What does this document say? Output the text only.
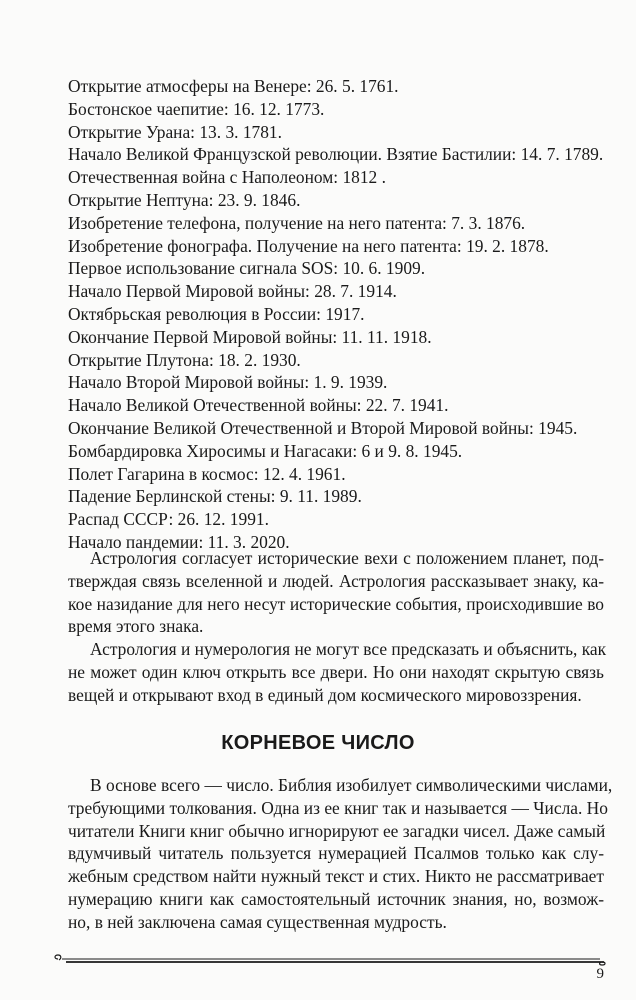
Открытие атмосферы на Венере: 26. 5. 1761.
Бостонское чаепитие: 16. 12. 1773.
Открытие Урана: 13. 3. 1781.
Начало Великой Французской революции. Взятие Бастилии: 14. 7. 1789.
Отечественная война с Наполеоном: 1812 .
Открытие Нептуна: 23. 9. 1846.
Изобретение телефона, получение на него патента: 7. 3. 1876.
Изобретение фонографа. Получение на него патента: 19. 2. 1878.
Первое использование сигнала SOS: 10. 6. 1909.
Начало Первой Мировой войны: 28. 7. 1914.
Октябрьская революция в России: 1917.
Окончание Первой Мировой войны: 11. 11. 1918.
Открытие Плутона: 18. 2. 1930.
Начало Второй Мировой войны: 1. 9. 1939.
Начало Великой Отечественной войны: 22. 7. 1941.
Окончание Великой Отечественной и Второй Мировой войны: 1945.
Бомбардировка Хиросимы и Нагасаки: 6 и 9. 8. 1945.
Полет Гагарина в космос: 12. 4. 1961.
Падение Берлинской стены: 9. 11. 1989.
Распад СССР: 26. 12. 1991.
Начало пандемии: 11. 3. 2020.

Астрология согласует исторические вехи с положением планет, под-
тверждая связь вселенной и людей. Астрология рассказывает знаку, ка-
кое назидание для него несут исторические события, происходившие во
время этого знака.

Астрология и нумерология не могут все предсказать и объяснить, как
не может один ключ открыть все двери. Но они находят скрытую связь
вещей и открывают вход в единый дом космического мировоззрения.

КОРНЕВОЕ ЧИСЛО

В основе всего — число. Библия изобилует символическими числами,
требующими толкования. Одна из ее книг так и называется — Числа. Но
читатели Книги книг обычно игнорируют ее загадки чисел. Даже самый
вдумчивый читатель пользуется нумерацией Псалмов только как слу-
жебным средством найти нужный текст и стих. Никто не рассматривает
нумерацию книги как самостоятельный источник знания, но, возмож-
но, в ней заключена самая существенная мудрость.

9
